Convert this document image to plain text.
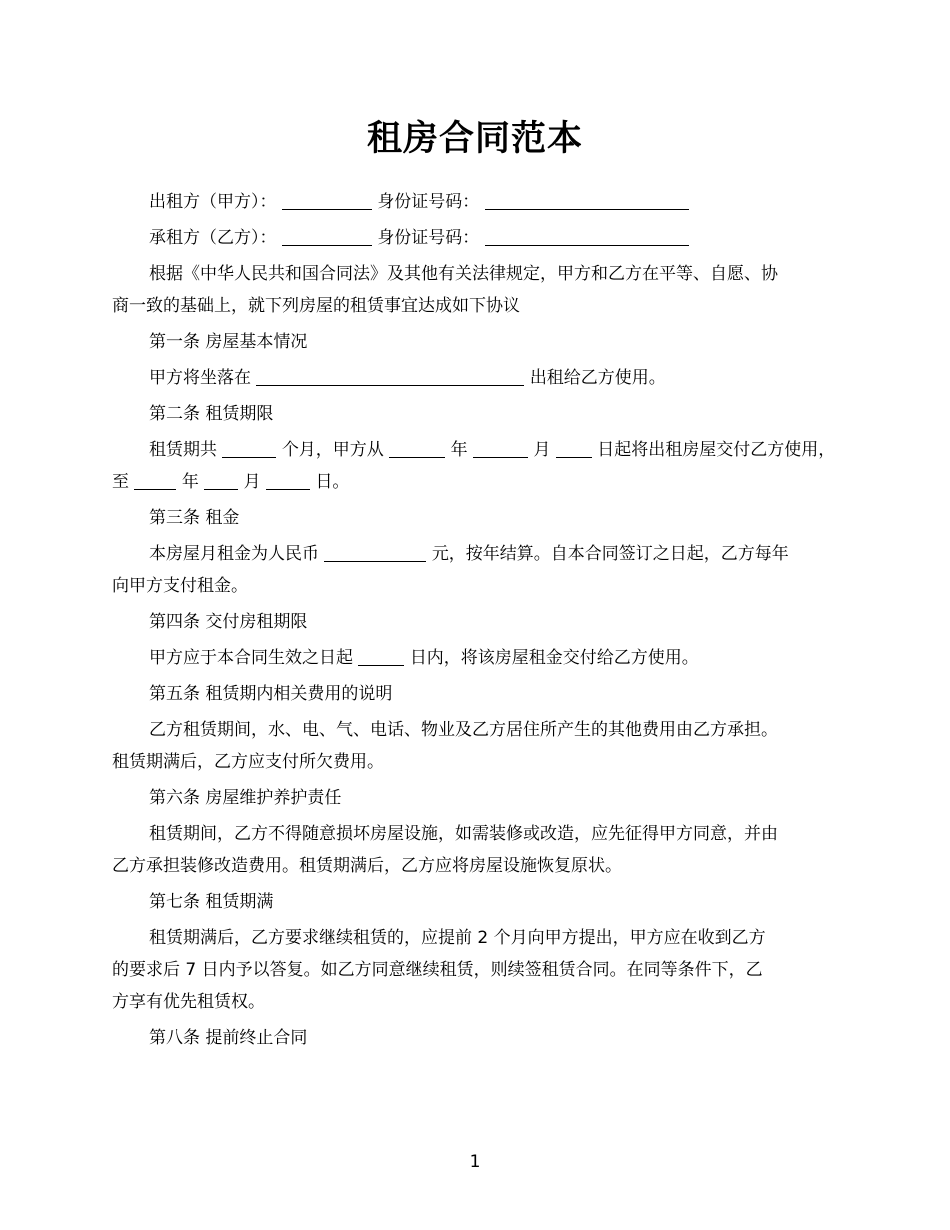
租房合同范本
出租方（甲方）：	身份证号码：
承租方（乙方）：	身份证号码：
根据《中华人民共和国合同法》及其他有关法律规定，甲方和乙方在平等、自愿、协
商一致的基础上，就下列房屋的租赁事宜达成如下协议
第一条 房屋基本情况
甲方将坐落在	出租给乙方使用。
第二条 租赁期限
租赁期共	个月，甲方从	年	月	日起将出租房屋交付乙方使用，
至	年	月	日。
第三条 租金
本房屋月租金为人民币	元，按年结算。自本合同签订之日起，乙方每年
向甲方支付租金。
第四条 交付房租期限
甲方应于本合同生效之日起	日内，将该房屋租金交付给乙方使用。
第五条 租赁期内相关费用的说明
乙方租赁期间，水、电、气、电话、物业及乙方居住所产生的其他费用由乙方承担。
租赁期满后，乙方应支付所欠费用。
第六条 房屋维护养护责任
租赁期间，乙方不得随意损坏房屋设施，如需装修或改造，应先征得甲方同意，并由
乙方承担装修改造费用。租赁期满后，乙方应将房屋设施恢复原状。
第七条 租赁期满
租赁期满后，乙方要求继续租赁的，应提前 2 个月向甲方提出，甲方应在收到乙方
的要求后 7 日内予以答复。如乙方同意继续租赁，则续签租赁合同。在同等条件下，乙
方享有优先租赁权。
第八条 提前终止合同
1
